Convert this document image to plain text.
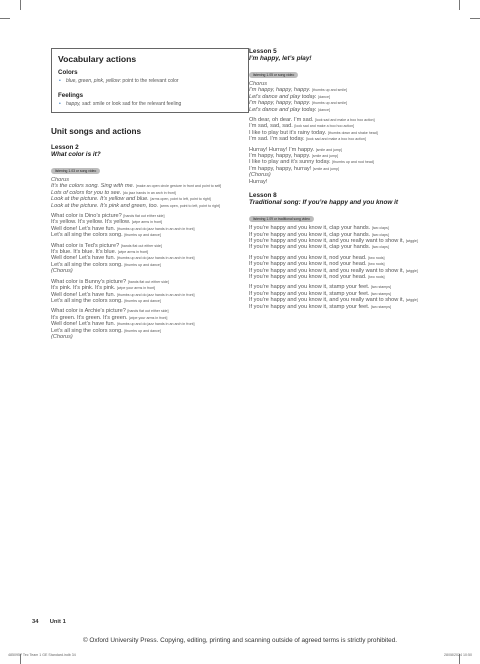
Vocabulary actions
Colors
• blue, green, pink, yellow: point to the relevant color
Feelings
• happy, sad: smile or look sad for the relevant feeling
Unit songs and actions
Lesson 2
What color is it?
listening 1.03 or song video
Chorus
It’s the colors song. Sing with me. [make an open circle gesture in front and point to self]
Lots of colors for you to see. [do jazz hands in an arch in front]
Look at the picture. It’s yellow and blue. [arms open, point to left, point to right]
Look at the picture. It’s pink and green, too. [arms open, point to left, point to right]
What color is Dino’s picture? [hands flat out either side]
It’s yellow. It’s yellow. It’s yellow. [wipe arms in front]
Well done! Let’s have fun. [thumbs up and do jazz hands in an arch in front]
Let’s all sing the colors song. [thumbs up and dance]
What color is Ted’s picture? [hands flat out either side]
It’s blue. It’s blue. It’s blue. [wipe arms in front]
Well done! Let’s have fun. [thumbs up and do jazz hands in an arch in front]
Let’s all sing the colors song. [thumbs up and dance]
(Chorus)
What color is Bunny’s picture? [hands flat out either side]
It’s pink. It’s pink. It’s pink. [wipe your arms in front]
Well done! Let’s have fun. [thumbs up and do jazz hands in an arch in front]
Let’s all sing the colors song. [thumbs up and dance]
What color is Archie’s picture? [hands flat out either side]
It’s green. It’s green. It’s green. [wipe your arms in front]
Well done! Let’s have fun. [thumbs up and do jazz hands in an arch in front]
Let’s all sing the colors song. [thumbs up and dance]
(Chorus)
Lesson 5
I’m happy, let’s play!
listening 1.05 or song video
Chorus
I’m happy, happy, happy. [thumbs up and smile]
Let’s dance and play today. [dance]
I’m happy, happy, happy. [thumbs up and smile]
Let’s dance and play today. [dance]
Oh dear, oh dear. I’m sad. [look sad and make a boo hoo action]
I’m sad, sad, sad. [look sad and make a boo hoo action]
I like to play but it’s rainy today. [thumbs down and shake head]
I’m sad. I’m sad today. [look sad and make a boo hoo action]
Hurray! Hurray! I’m happy. [smile and jump]
I’m happy, happy, happy. [smile and jump]
I like to play and it’s sunny today. [thumbs up and nod head]
I’m happy, happy, hurray! [smile and jump]
(Chorus)
Hurray!
Lesson 8
Traditional song: If you’re happy and you know it
listening 1.09 or traditional song video
If you’re happy and you know it, clap your hands. [two claps]
If you’re happy and you know it, clap your hands. [two claps]
If you’re happy and you know it, and you really want to show it, [wiggle]
If you’re happy and you know it, clap your hands. [two claps]
If you’re happy and you know it, nod your head. [two nods]
If you’re happy and you know it, nod your head. [two nods]
If you’re happy and you know it, and you really want to show it, [wiggle]
If you’re happy and you know it, nod your head. [two nods]
If you’re happy and you know it, stamp your feet. [two stamps]
If you’re happy and you know it, stamp your feet. [two stamps]
If you’re happy and you know it, and you really want to show it, [wiggle]
If you’re happy and you know it, stamp your feet. [two stamps]
34 Unit 1
© Oxford University Press. Copying, editing, printing and scanning outside of agreed terms is strictly prohibited.
4850957 Tec Team 1 GE Standard.indb 34	28/08/2024 10:50
